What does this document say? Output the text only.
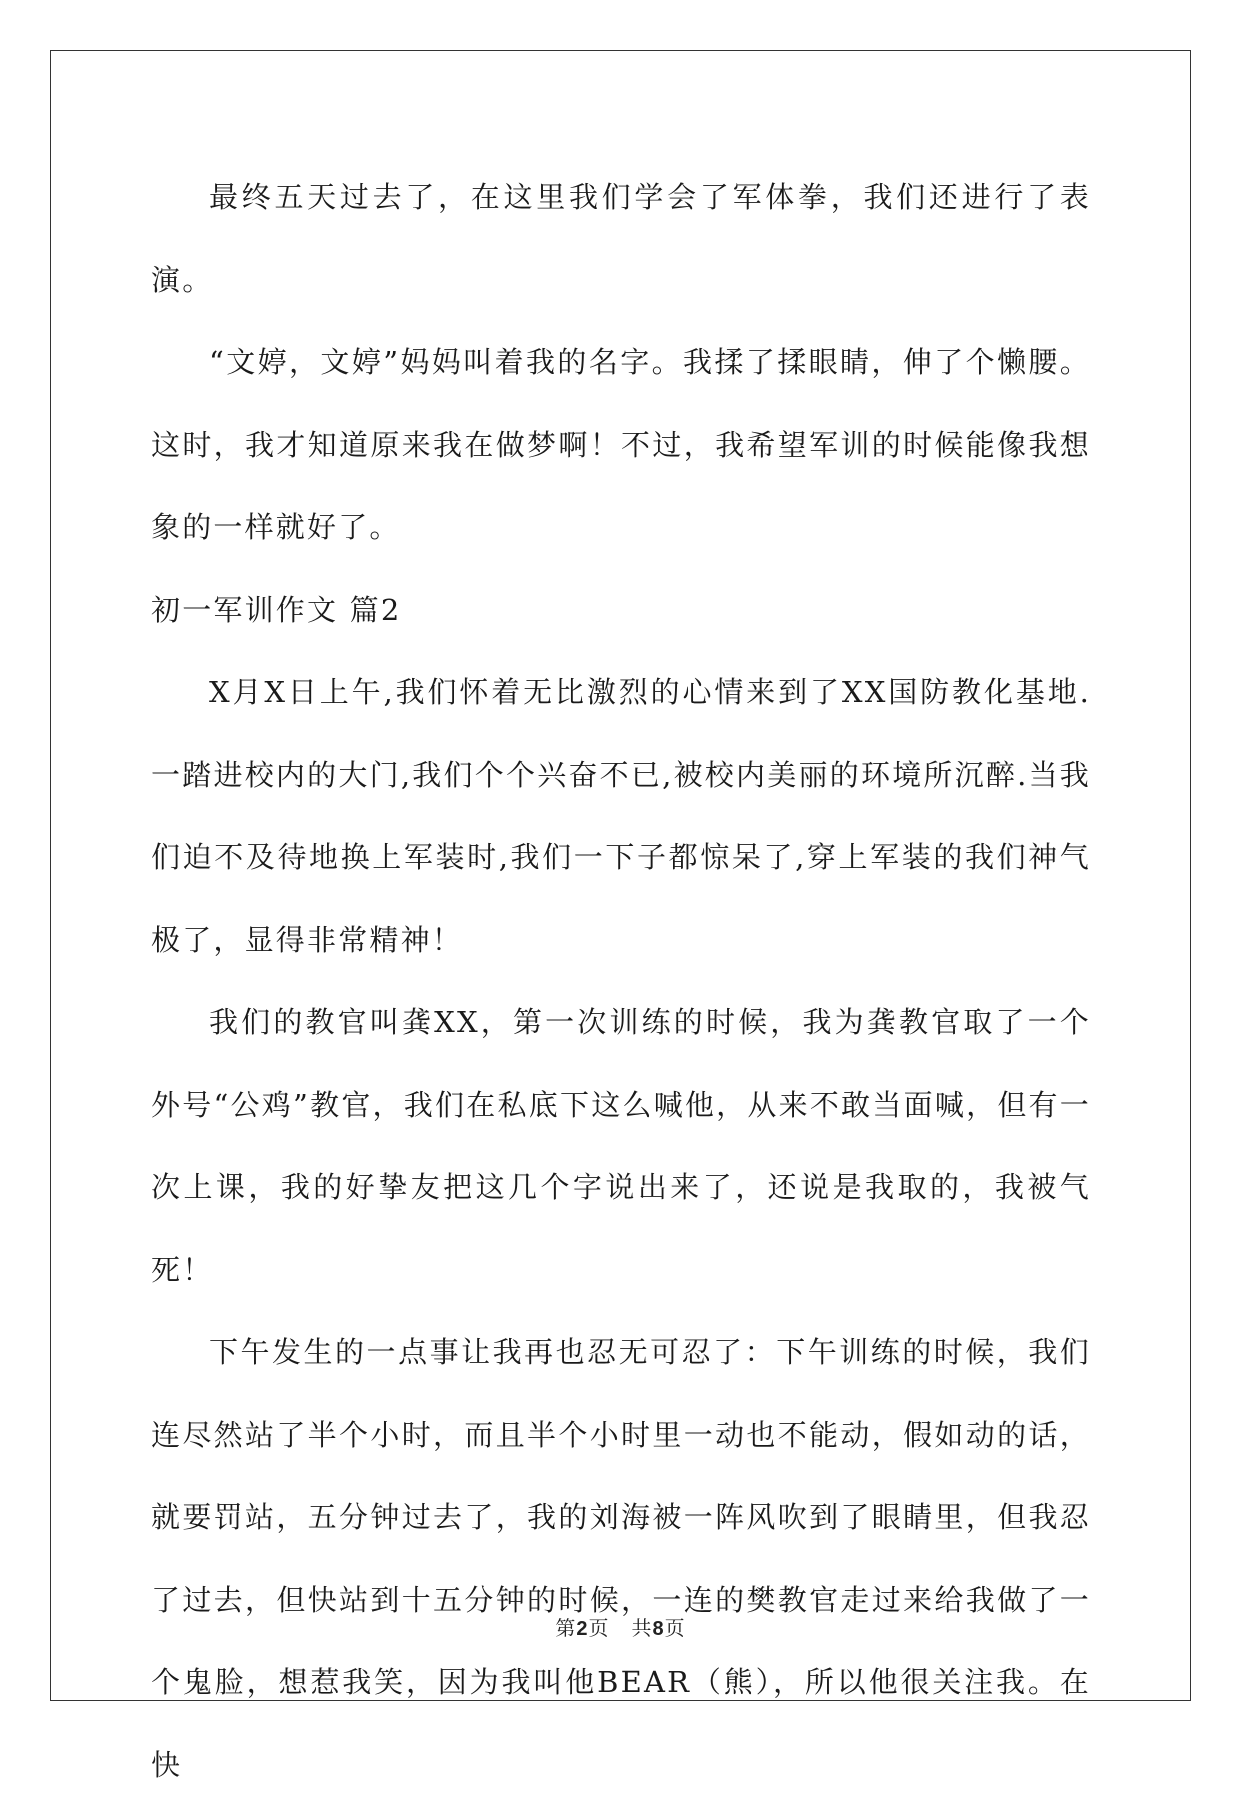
最终五天过去了，在这里我们学会了军体拳，我们还进行了表演。

“文婷，文婷”妈妈叫着我的名字。我揉了揉眼睛，伸了个懒腰。这时，我才知道原来我在做梦啊！不过，我希望军训的时候能像我想象的一样就好了。

初一军训作文 篇2

X月X日上午,我们怀着无比激烈的心情来到了XX国防教化基地.一踏进校内的大门,我们个个兴奋不已,被校内美丽的环境所沉醉.当我们迫不及待地换上军装时,我们一下子都惊呆了,穿上军装的我们神气极了，显得非常精神！

我们的教官叫龚XX，第一次训练的时候，我为龚教官取了一个外号“公鸡”教官，我们在私底下这么喊他，从来不敢当面喊，但有一次上课，我的好挚友把这几个字说出来了，还说是我取的，我被气死！

下午发生的一点事让我再也忍无可忍了：下午训练的时候，我们连尽然站了半个小时，而且半个小时里一动也不能动，假如动的话，就要罚站，五分钟过去了，我的刘海被一阵风吹到了眼睛里，但我忍了过去，但快站到十五分钟的时候，一连的樊教官走过来给我做了一个鬼脸，想惹我笑，因为我叫他BEAR（熊），所以他很关注我。在快

第2页 共8页
